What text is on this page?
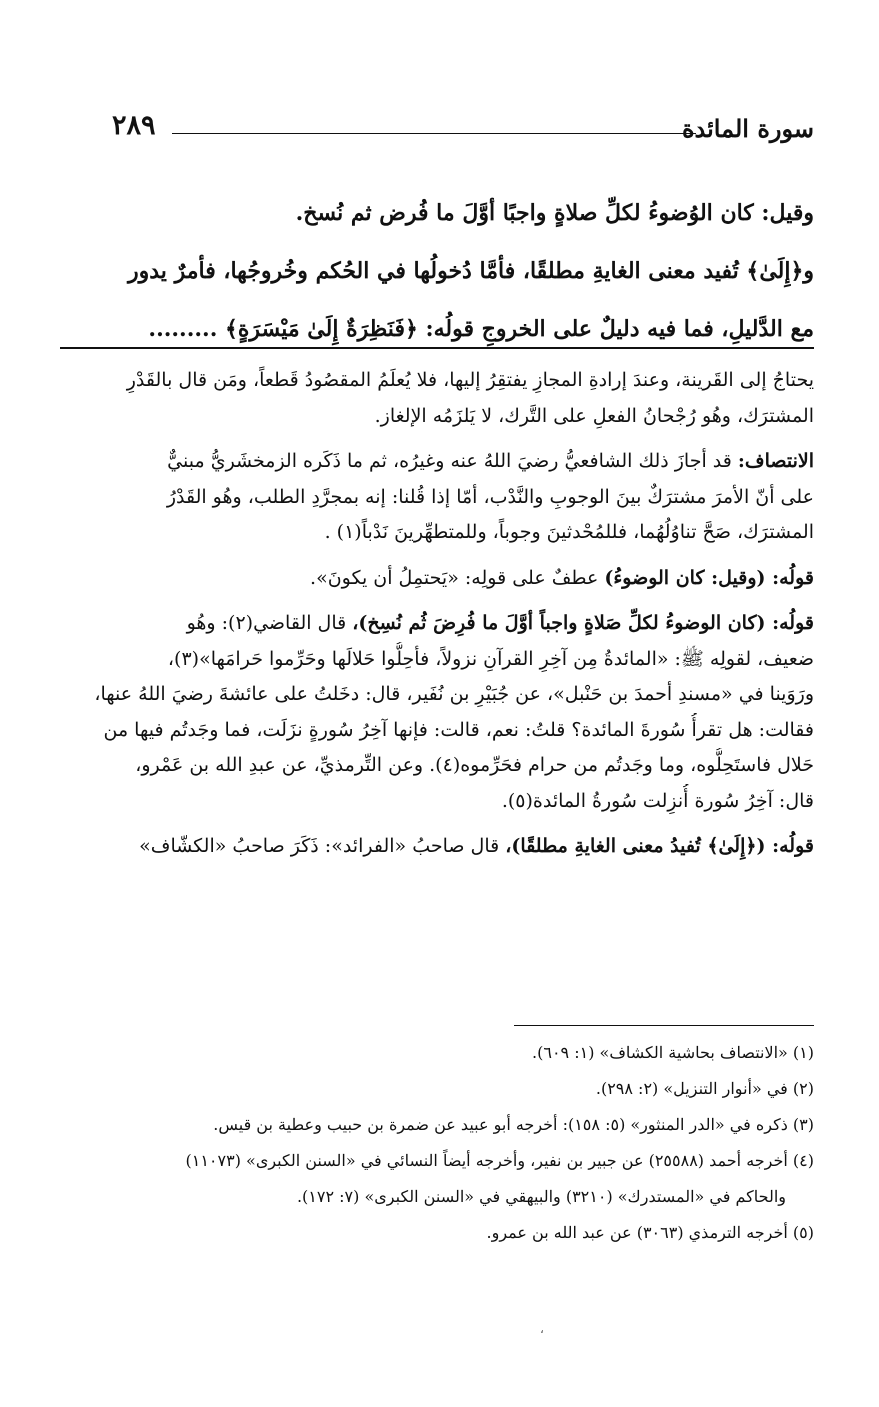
سورة المائدة
٢٨٩
وقيل: كان الوُضوءُ لكلِّ صلاةٍ واجبًا أوَّلَ ما فُرض ثم نُسخ.
و﴿إِلَىٰ﴾ تُفيد معنى الغايةِ مطلقًا، فأمَّا دُخولُها في الحُكم وخُروجُها، فأمرٌ يدور
مع الدَّليلِ، فما فيه دليلٌ على الخروجِ قولُه: ﴿فَنَظِرَةٌ إِلَىٰ مَيْسَرَةٍ﴾ .........
يحتاجُ إلى القَرينة، وعندَ إرادةِ المجازِ يفتقِرُ إليها، فلا يُعلَمُ المقصُودُ قَطعاً، ومَن قال بالقَدْرِ
المشترَك، وهُو رُجْحانُ الفعلِ على التَّرك، لا يَلزَمُه الإلغاز.
الانتصاف: قد أجازَ ذلك الشافعيُّ رضيَ اللهُ عنه وغيرُه، ثم ما ذَكَره الزمخشَريُّ مبنيٌّ
على أنّ الأمرَ مشترَكٌ بينَ الوجوبِ والنَّدْب، أمّا إذا قُلنا: إنه بمجرَّدِ الطلب، وهُو القَدْرُ
المشترَك، صَحَّ تناوُلُهُما، فللمُحْدثينَ وجوباً، وللمتطهِّرينَ نَدْباً(١) .
قولُه: (وقيل: كان الوضوءُ) عطفٌ على قولِه: «يَحتمِلُ أن يكونَ».
قولُه: (كان الوضوءُ لكلِّ صَلاةٍ واجباً أوَّلَ ما فُرِضَ ثُم نُسِخ)، قال القاضي(٢): وهُو
ضعيف، لقولِه ﷺ: «المائدةُ مِن آخِرِ القرآنِ نزولاً، فأحِلُّوا حَلالَها وحَرِّموا حَرامَها»(٣)،
ورَوَينا في «مسندِ أحمدَ بن حَنْبل»، عن جُبَيْرِ بن نُفَير، قال: دخَلتُ على عائشةَ رضيَ اللهُ عنها،
فقالت: هل تقرأُ سُورةَ المائدة؟ قلتُ: نعم، قالت: فإنها آخِرُ سُورةٍ نزَلَت، فما وجَدتُم فيها من
حَلال فاستَحِلُّوه، وما وجَدتُم من حرام فحَرِّموه(٤). وعن التِّرمذيِّ، عن عبدِ الله بن عَمْرو،
قال: آخِرُ سُورة أُنزِلت سُورةُ المائدة(٥).
قولُه: (﴿إِلَىٰ﴾ تُفيدُ معنى الغايةِ مطلقًا)، قال صاحبُ «الفرائد»: ذَكَرَ صاحبُ «الكشّاف»
(١) «الانتصاف بحاشية الكشاف» (١: ٦٠٩).
(٢) في «أنوار التنزيل» (٢: ٢٩٨).
(٣) ذكره في «الدر المنثور» (٥: ١٥٨): أخرجه أبو عبيد عن ضمرة بن حبيب وعطية بن قيس.
(٤) أخرجه أحمد (٢٥٥٨٨) عن جبير بن نفير، وأخرجه أيضاً النسائي في «السنن الكبرى» (١١٠٧٣)
والحاكم في «المستدرك» (٣٢١٠) والبيهقي في «السنن الكبرى» (٧: ١٧٢).
(٥) أخرجه الترمذي (٣٠٦٣) عن عبد الله بن عمرو.
،
